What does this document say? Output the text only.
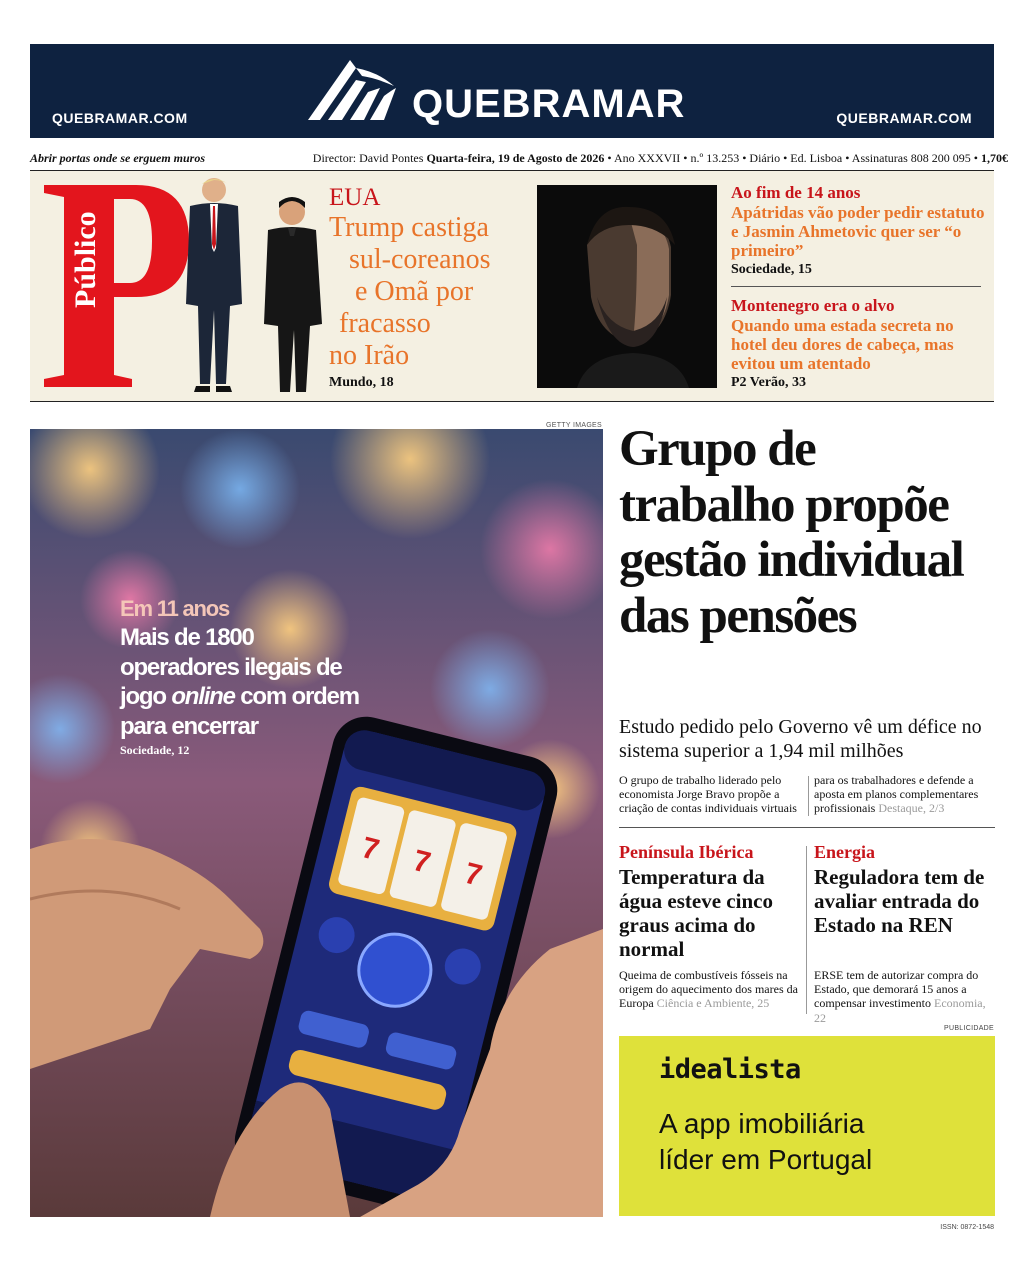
QUEBRAMAR.COM	QUEBRAMAR	QUEBRAMAR.COM
Abrir portas onde se erguem muros	Director: David Pontes Quarta-feira, 19 de Agosto de 2026 • Ano XXXVII • n.º 13.253 • Diário • Ed. Lisboa • Assinaturas 808 200 095 • 1,70€
Público
EUA
Trump castiga
sul-coreanos
e Omã por
fracasso
no Irão
Mundo, 18
Ao fim de 14 anos
Apátridas vão poder pedir estatuto e Jasmin Ahmetovic quer ser “o primeiro”
Sociedade, 15
Montenegro era o alvo
Quando uma estada secreta no hotel deu dores de cabeça, mas evitou um atentado
P2 Verão, 33
GETTY IMAGES
7 7 7
Em 11 anos
Mais de 1800 operadores ilegais de jogo online com ordem para encerrar
Sociedade, 12
Grupo de trabalho propõe gestão individual das pensões
Estudo pedido pelo Governo vê um défice no sistema superior a 1,94 mil milhões
O grupo de trabalho liderado pelo economista Jorge Bravo propõe a criação de contas individuais virtuais
para os trabalhadores e defende a aposta em planos complementares profissionais Destaque, 2/3
Península Ibérica
Temperatura da água esteve cinco graus acima do normal
Queima de combustíveis fósseis na origem do aquecimento dos mares da Europa Ciência e Ambiente, 25
Energia
Reguladora tem de avaliar entrada do Estado na REN
ERSE tem de autorizar compra do Estado, que demorará 15 anos a compensar investimento Economia, 22
PUBLICIDADE
idealista
A app imobiliária
líder em Portugal
ISSN: 0872-1548
